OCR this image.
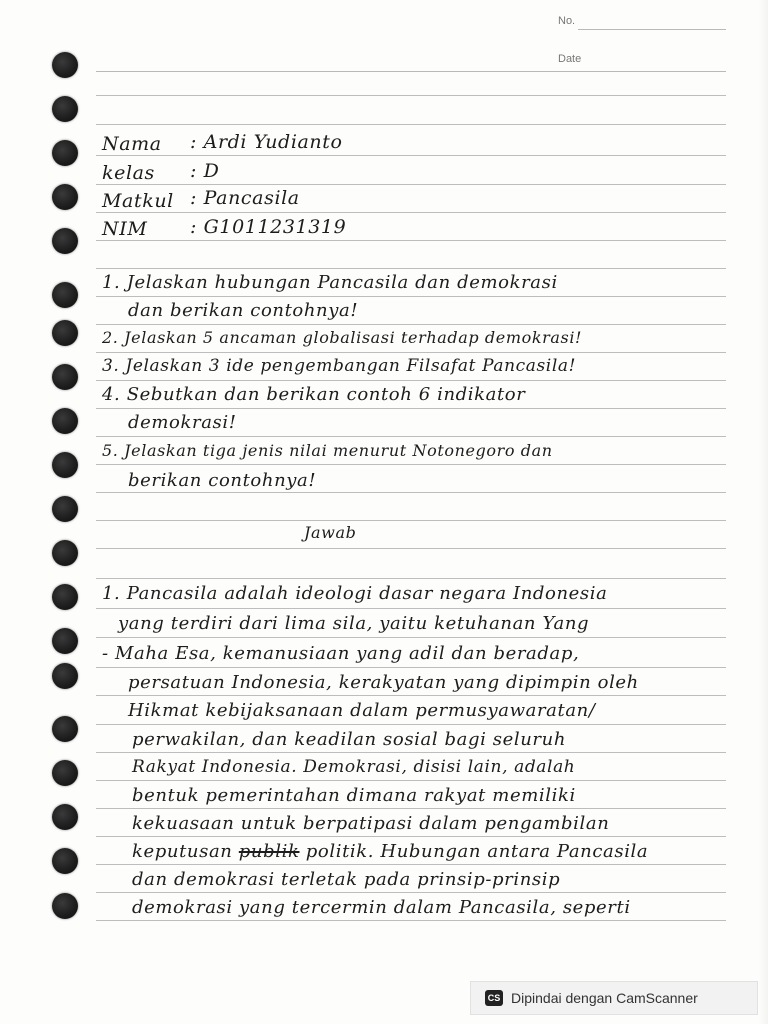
No.
Date
Nama : Ardi Yudianto
kelas : D
Matkul : Pancasila
NIM : G1011231319
1. Jelaskan hubungan Pancasila dan demokrasi
dan berikan contohnya!
2. Jelaskan 5 ancaman globalisasi terhadap demokrasi!
3. Jelaskan 3 ide pengembangan Filsafat Pancasila!
4. Sebutkan dan berikan contoh 6 indikator
demokrasi!
5. Jelaskan tiga jenis nilai menurut Notonegoro dan
berikan contohnya!
Jawab
1. Pancasila adalah ideologi dasar negara Indonesia
yang terdiri dari lima sila, yaitu ketuhanan Yang
- Maha Esa, kemanusiaan yang adil dan beradap,
persatuan Indonesia, kerakyatan yang dipimpin oleh
Hikmat kebijaksanaan dalam permusyawaratan/
perwakilan, dan keadilan sosial bagi seluruh
Rakyat Indonesia. Demokrasi, disisi lain, adalah
bentuk pemerintahan dimana rakyat memiliki
kekuasaan untuk berpatipasi dalam pengambilan
keputusan publik politik. Hubungan antara Pancasila
dan demokrasi terletak pada prinsip-prinsip
demokrasi yang tercermin dalam Pancasila, seperti
CS Dipindai dengan CamScanner
